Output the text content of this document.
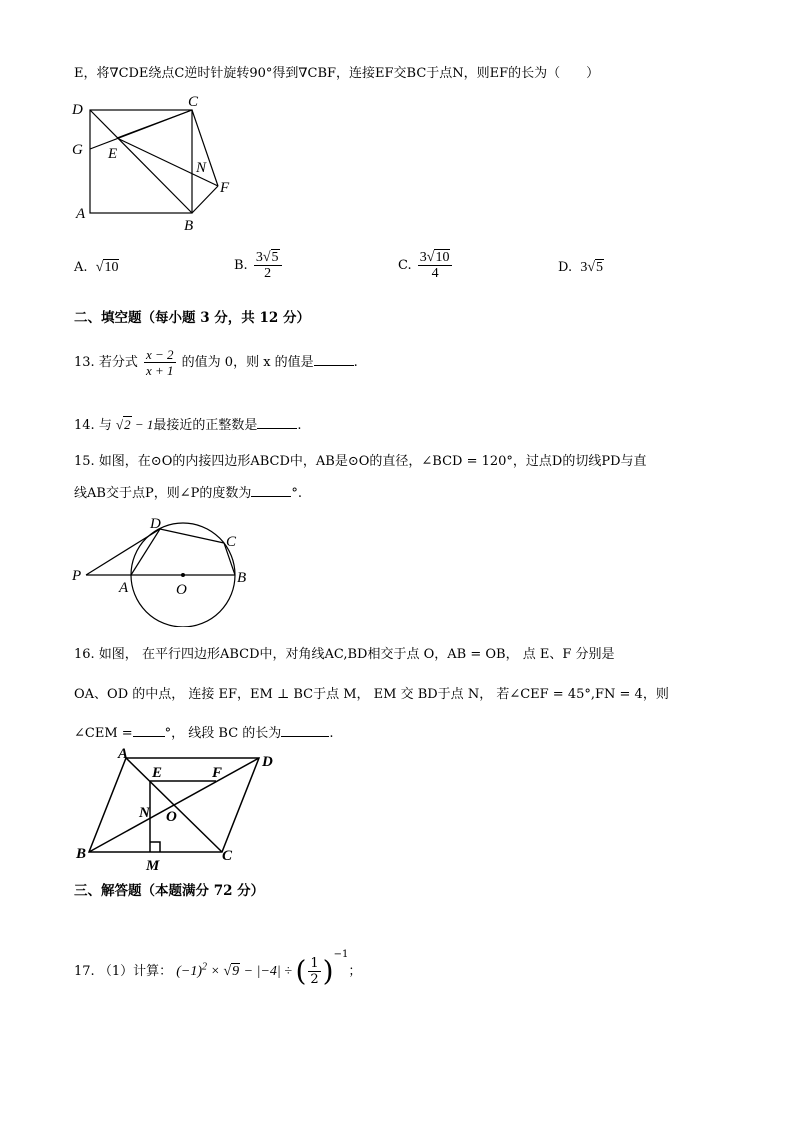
E，将∇CDE绕点C逆时针旋转90°得到∇CBF，连接EF交BC于点N，则EF的长为（　　）
D	C
G E
N
F
A
B
A. √10	B. $\frac{3√5}{2}$	C. $\frac{3√10}{4}$	D. 3√5
二、填空题（每小题 3 分，共 12 分）
13. 若分式 $\frac{x - 2}{x + 1}$ 的值为 0，则 x 的值是	.
14. 与 √2 − 1最接近的正整数是	.
15. 如图，在⊙O的内接四边形ABCD中，AB是⊙O的直径，∠BCD = 120°，过点D的切线PD与直
线AB交于点P，则∠P的度数为	°.
P
A	O
B
C
D
16. 如图， 在平行四边形ABCD中，对角线AC,BD相交于点 O，AB = OB， 点 E、F 分别是
OA、OD 的中点， 连接 EF，EM ⊥ BC于点 M， EM 交 BD于点 N， 若∠CEF = 45°,FN = 4，则
∠CEM = °， 线段 BC 的长为	.
A
E	F
D
N O
B
M
C
三、解答题（本题满分 72 分）
17. （1）计算： $(-1)^2 \times √9 - |-4|$ ÷ ( $\frac{1}{2} )^{-1}$；
